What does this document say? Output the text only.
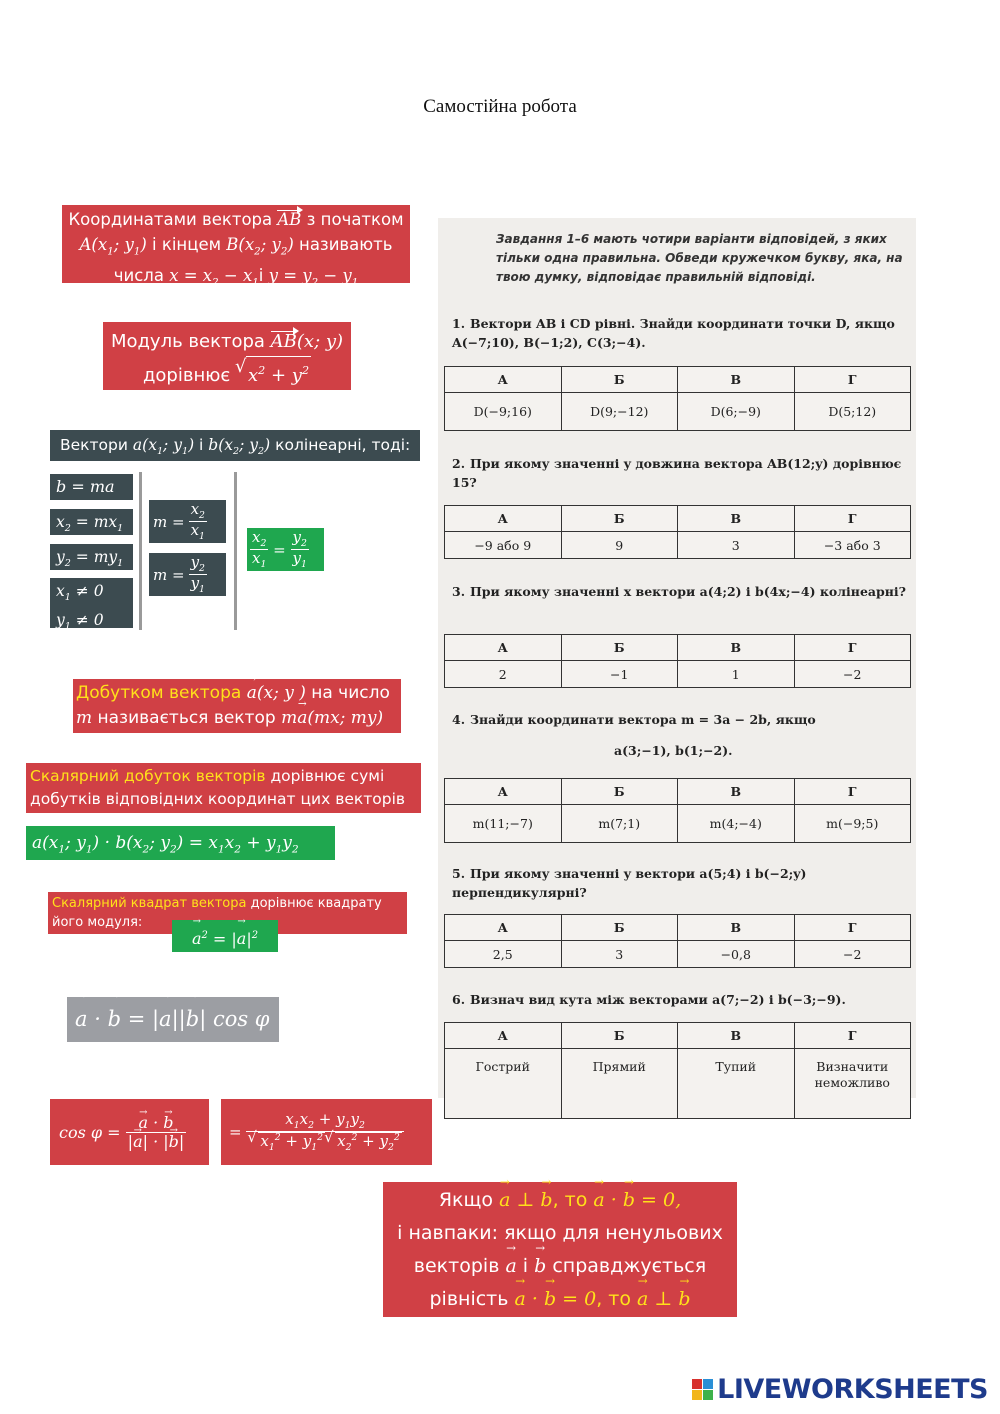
Самостійна робота
Координатами вектора AB з початком
$A(x_1$; $y_1$) і кінцем $B(x_2$; $y_2$) називають
числа $x = x_2 - x_1і$ $y = y_2 - y_1$
Модуль вектора AB(x; y)
дорівнює √ $x^2 + y^2$
Вектори → $a(x_1$; $y_1$) $і \to b(x_2$; $y_2$) колінеарні, тоді:
→ b = m→ a
$x_2 = mx_1$
$y_2 = my_1$
$x_1 \ne 0$
$y_1 \ne 0$
$m = \frac{x_2}{x_1}$
$m = \frac{y_2}{y_1}$
$\frac{x_2}{x_1} = \frac{y_2}{y_1}$
Добутком вектора → a(x; y ) на число
m називається вектор m→ a(mx; my)
Скалярний добуток векторів дорівнює сумі
добутків відповідних координат цих векторів
→ $a(x_1$; $y_1$) · → $b(x_2$; $y_2) = x_1x_2 + y_1y_2$
Скалярний квадрат вектора дорівнює квадрату
його модуля:
→ $a^2$ = |→ $a|^2$
→ a · → b = |→ a||→ b| cos φ
cos φ = → $\frac{a \cdot \to b}{|\to a| \cdot |\to b|}$	= $x_1x_2 + y_1y_2$
√ $x_1^2 + y_1^2$ √ $x_2^2 + y_2^2$
Якщо → a ⊥ → b, то → a · → b = 0,
і навпаки: якщо для ненульових
векторів → a і → b справджується
рівність → a · → b = 0, то → a ⊥ → b
Завдання 1–6 мають чотири варіанти відповідей, з яких тільки одна правильна. Обведи кружечком букву, яка, на твою думку, відповідає правильній відповіді.
1. Вектори AB і CD рівні. Знайди координати точки D, якщо A(−7;10), B(−1;2), C(3;−4).
А	Б	В	Г
D(−9;16)	D(9;−12)	D(6;−9)	D(5;12)
2. При якому значенні y довжина вектора AB(12;y) дорівнює 15?
А	Б	В	Г
−9 або 9	9	3	−3 або 3
3. При якому значенні x вектори a(4;2) і b(4x;−4) колінеарні?
А	Б	В	Г
2	−1	1	−2
4. Знайди координати вектора m = 3a − 2b, якщо
a(3;−1), b(1;−2).
А	Б	В	Г
m(11;−7)	m(7;1)	m(4;−4)	m(−9;5)
5. При якому значенні y вектори a(5;4) і b(−2;y) перпендикулярні?
А	Б	В	Г
2,5	3	−0,8	−2
6. Визнач вид кута між векторами a(7;−2) і b(−3;−9).
А	Б	В	Г
Гострий	Прямий	Тупий	Визначити неможливо
LIVEWORKSHEETS
